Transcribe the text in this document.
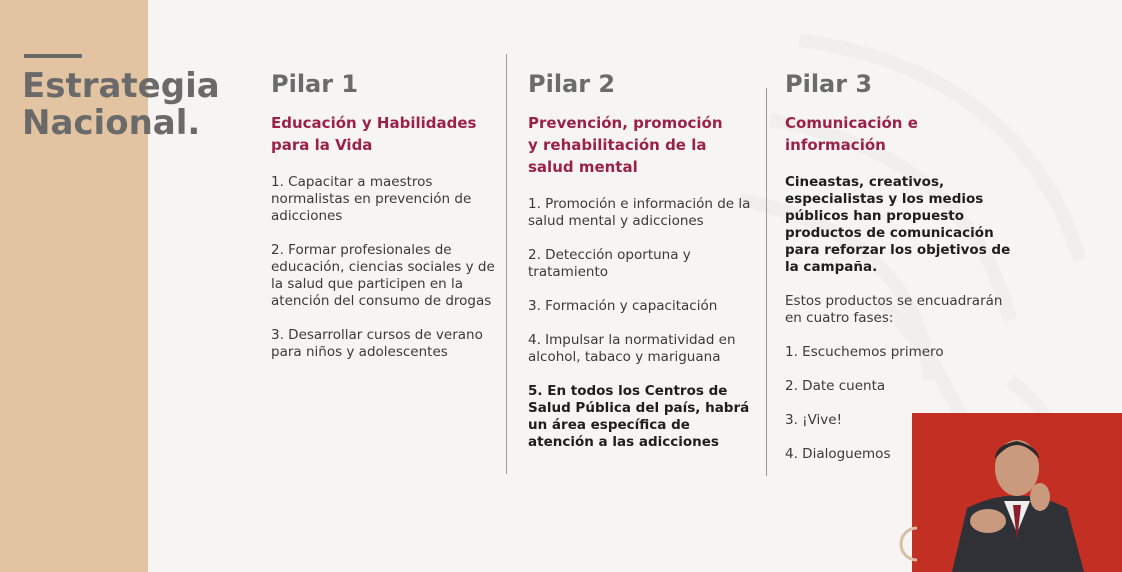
Estrategia
Nacional.
Pilar 1
Educación y Habilidades para la Vida

1. Capacitar a maestros normalistas en prevención de adicciones

2. Formar profesionales de educación, ciencias sociales y de la salud que participen en la atención del consumo de drogas

3. Desarrollar cursos de verano para niños y adolescentes

Pilar 2
Prevención, promoción y rehabilitación de la salud mental

1. Promoción e información de la salud mental y adicciones

2. Detección oportuna y tratamiento

3. Formación y capacitación

4. Impulsar la normatividad en alcohol, tabaco y mariguana

5. En todos los Centros de Salud Pública del país, habrá un área específica de atención a las adicciones

Pilar 3
Comunicación e información

Cineastas, creativos, especialistas y los medios públicos han propuesto productos de comunicación para reforzar los objetivos de la campaña.

Estos productos se encuadrarán en cuatro fases:

1. Escuchemos primero

2. Date cuenta

3. ¡Vive!

4. Dialoguemos
